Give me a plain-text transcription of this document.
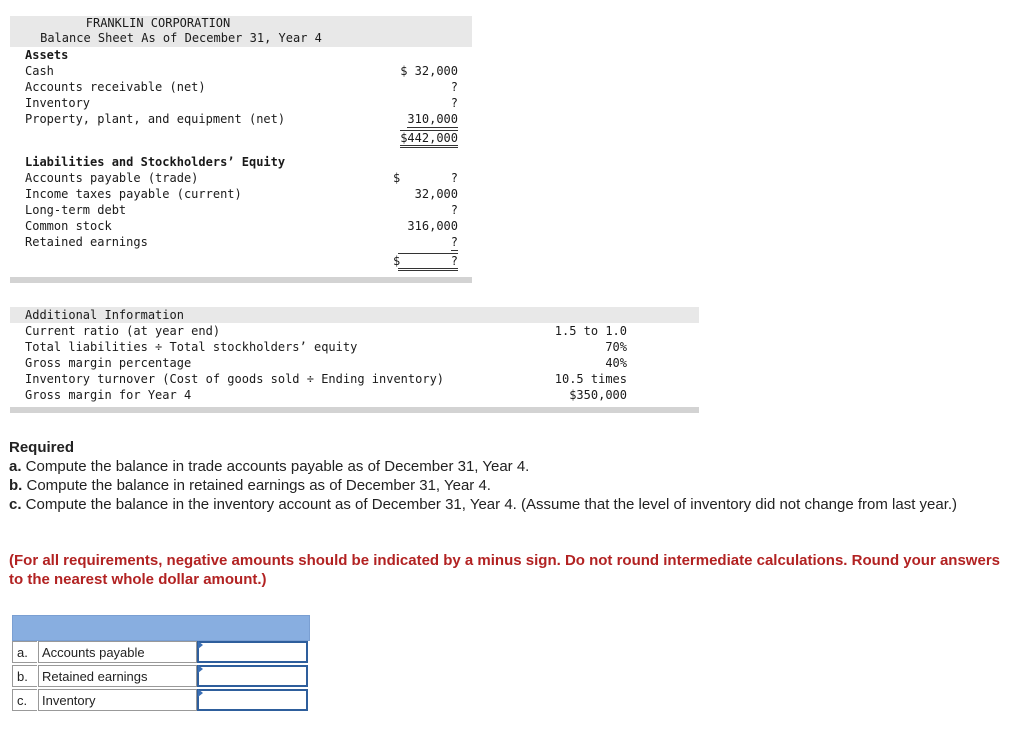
FRANKLIN CORPORATION
Balance Sheet As of December 31, Year 4
Assets
Cash	$ 32,000
Accounts receivable (net)	?
Inventory	?
Property, plant, and equipment (net)	310,000
$442,000
Liabilities and Stockholders’ Equity
Accounts payable (trade)	$	?
Income taxes payable (current)	32,000
Long-term debt	?
Common stock	316,000
Retained earnings	?
$	?
Additional Information
Current ratio (at year end)	1.5 to 1.0
Total liabilities ÷ Total stockholders’ equity	70%
Gross margin percentage	40%
Inventory turnover (Cost of goods sold ÷ Ending inventory)	10.5 times
Gross margin for Year 4	$350,000
Required
a. Compute the balance in trade accounts payable as of December 31, Year 4.
b. Compute the balance in retained earnings as of December 31, Year 4.
c. Compute the balance in the inventory account as of December 31, Year 4. (Assume that the level of inventory did not change from last year.)
(For all requirements, negative amounts should be indicated by a minus sign. Do not round intermediate calculations. Round your answers to the nearest whole dollar amount.)
a.	Accounts payable
b.	Retained earnings
c.	Inventory
